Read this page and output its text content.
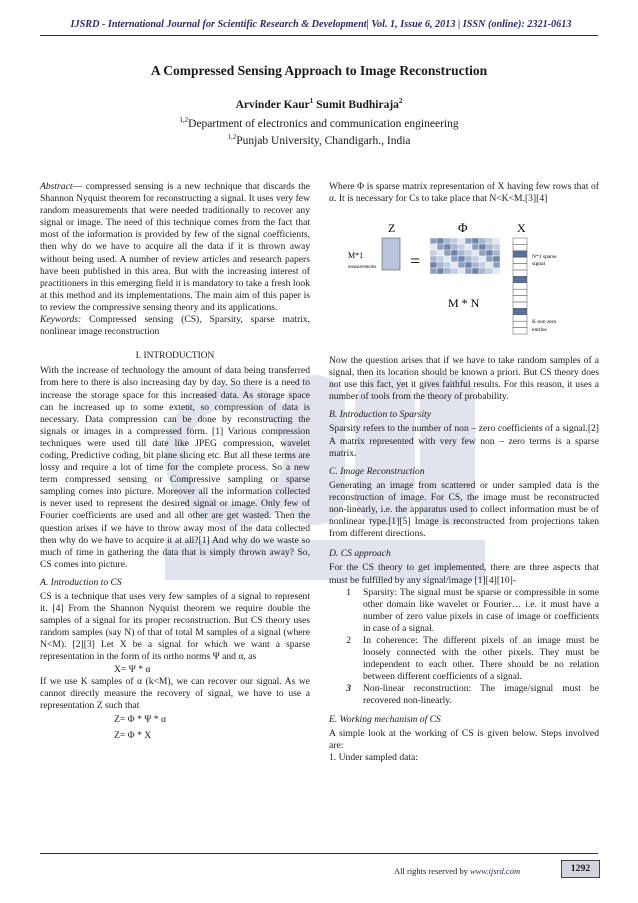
IJSRD - International Journal for Scientific Research & Development| Vol. 1, Issue 6, 2013 | ISSN (online): 2321-0613
A Compressed Sensing Approach to Image Reconstruction
Arvinder Kaur$^1$ Sumit Budhiraja$^2$
$^{1,2}$Department of electronics and communication engineering
$^{1,2}$Punjab University, Chandigarh., India

Abstract— compressed sensing is a new technique that discards the Shannon Nyquist theorem for reconstructing a signal. It uses very few random measurements that were needed traditionally to recover any signal or image. The need of this technique comes from the fact that most of the information is provided by few of the signal coefficients, then why do we have to acquire all the data if it is thrown away without being used. A number of review articles and research papers have been published in this area. But with the increasing interest of practitioners in this emerging field it is mandatory to take a fresh look at this method and its implementations. The main aim of this paper is to review the compressive sensing theory and its applications.

Keywords: Compressed sensing (CS), Sparsity, sparse matrix, nonlinear image reconstruction

I. INTRODUCTION

With the increase of technology the amount of data being transferred from here to there is also increasing day by day. So there is a need to increase the storage space for this increased data. As storage space can be increased up to some extent, so compression of data is necessary. Data compression can be done by reconstructing the signals or images in a compressed form. [1] Various compression techniques were used till date like JPEG compression, wavelet coding, Predictive coding, bit plane slicing etc. But all these terms are lossy and require a lot of time for the complete process. So a new term compressed sensing or Compressive sampling or sparse sampling comes into picture. Moreover all the information collected is never used to represent the desired signal or image. Only few of Fourier coefficients are used and all other are get wasted. Then the question arises if we have to throw away most of the data collected then why do we have to acquire it at all?[1] And why do we waste so much of time in gathering the data that is simply thrown away? So, CS comes into picture.

A. Introduction to CS

CS is a technique that uses very few samples of a signal to represent it. [4] From the Shannon Nyquist theorem we require double the samples of a signal for its proper reconstruction. But CS theory uses random samples (say N) of that of total M samples of a signal (where N<M). [2][3] Let X be a signal for which we want a sparse representation in the form of its ortho norms Ψ and α, as

X= Ψ * α

If we use K samples of α (k<M), we can recover our signal. As we cannot directly measure the recovery of signal, we have to use a representation Z such that

Z= Φ * Ψ * α
Z= Φ * X

Where Φ is sparse matrix representation of X having few rows that of α. It is necessary for Cs to take place that N<K<M.[3][4]

Z	Φ	X
M*1
measurements =
M * N
N*1 sparse
signal
K non zero
entries

Now the question arises that if we have to take random samples of a signal, then its location should be known a priori. But CS theory does not use this fact, yet it gives faithful results. For this reason, it uses a number of tools from the theory of probability.

B. Introduction to Sparsity

Sparsity refers to the number of non – zero coefficients of a signal.[2] A matrix represented with very few non – zero terms is a sparse matrix.

C. Image Reconstruction

Generating an image from scattered or under sampled data is the reconstruction of image. For CS, the image must be reconstructed non-linearly, i.e. the apparatus used to collect information must be of nonlinear type.[1][5] Image is reconstructed from projections taken from different directions.

D. CS approach

For the CS theory to get implemented, there are three aspects that must be fulfilled by any signal/image [1][4][10]-

1	Sparsity: The signal must be sparse or compressible in some other domain like wavelet or Fourier… i.e. it must have a number of zero value pixels in case of image or coefficients in case of a signal.
2	In coherence: The different pixels of an image must be loosely connected with the other pixels. They must be independent to each other. There should be no relation between different coefficients of a signal.
3	Non-linear reconstruction: The image/signal must be recovered non-linearly.
E. Working mechanism of CS

A simple look at the working of CS is given below. Steps involved are:

1. Under sampled data:

All rights reserved by www.ijsrd.com	1292
